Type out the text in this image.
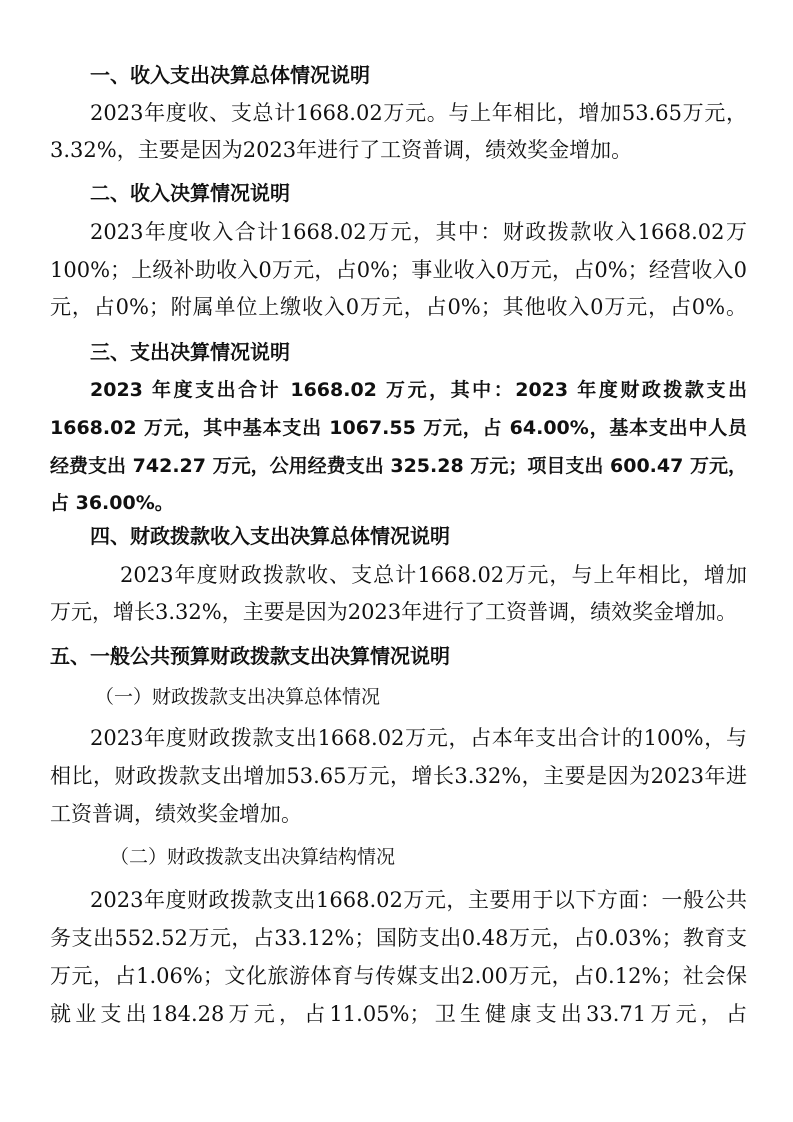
一、收入支出决算总体情况说明
2023年度收、支总计1668.02万元。与上年相比，增加53.65万元，
3.32%，主要是因为2023年进行了工资普调，绩效奖金增加。
二、收入决算情况说明
2023年度收入合计1668.02万元，其中：财政拨款收入1668.02万
100%；上级补助收入0万元，占0%；事业收入0万元，占0%；经营收入0
元，占0%；附属单位上缴收入0万元，占0%；其他收入0万元，占0%。
三、支出决算情况说明
2023 年度支出合计 1668.02 万元，其中：2023 年度财政拨款支出
1668.02 万元，其中基本支出 1067.55 万元，占 64.00%，基本支出中人员
经费支出 742.27 万元，公用经费支出 325.28 万元；项目支出 600.47 万元，
占 36.00%。
四、财政拨款收入支出决算总体情况说明
2023年度财政拨款收、支总计1668.02万元，与上年相比，增加
万元，增长3.32%，主要是因为2023年进行了工资普调，绩效奖金增加。
五、一般公共预算财政拨款支出决算情况说明
（一）财政拨款支出决算总体情况
2023年度财政拨款支出1668.02万元，占本年支出合计的100%，与
相比，财政拨款支出增加53.65万元，增长3.32%，主要是因为2023年进
工资普调，绩效奖金增加。
（二）财政拨款支出决算结构情况
2023年度财政拨款支出1668.02万元，主要用于以下方面：一般公共
务支出552.52万元，占33.12%；国防支出0.48万元，占0.03%；教育支
万元，占1.06%；文化旅游体育与传媒支出2.00万元，占0.12%；社会保
就业支出184.28万元，占11.05%；卫生健康支出33.71万元，占
